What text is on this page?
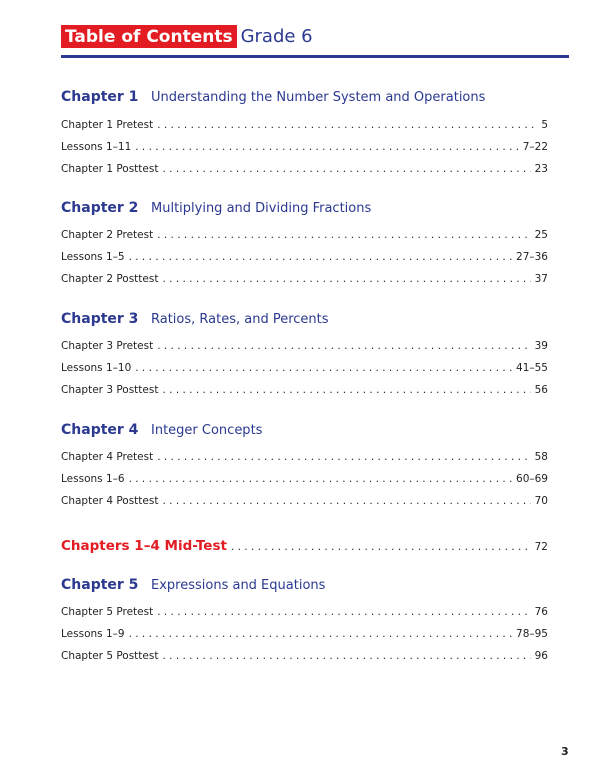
Table of Contents Grade 6
Chapter 1 Understanding the Number System and Operations
Chapter 1 Pretest . . .	5
Lessons 1–11 . . .	7–22
Chapter 1 Posttest . . .	23
Chapter 2 Multiplying and Dividing Fractions
Chapter 2 Pretest . . .	25
Lessons 1–5 . . .	27–36
Chapter 2 Posttest . . .	37
Chapter 3 Ratios, Rates, and Percents
Chapter 3 Pretest . . .	39
Lessons 1–10 . . .	41–55
Chapter 3 Posttest . . .	56
Chapter 4 Integer Concepts
Chapter 4 Pretest . . .	58
Lessons 1–6 . . .	60–69
Chapter 4 Posttest . . .	70
Chapters 1–4 Mid-Test . . .	72
Chapter 5 Expressions and Equations
Chapter 5 Pretest . . .	76
Lessons 1–9 . . .	78–95
Chapter 5 Posttest . . .	96
3
